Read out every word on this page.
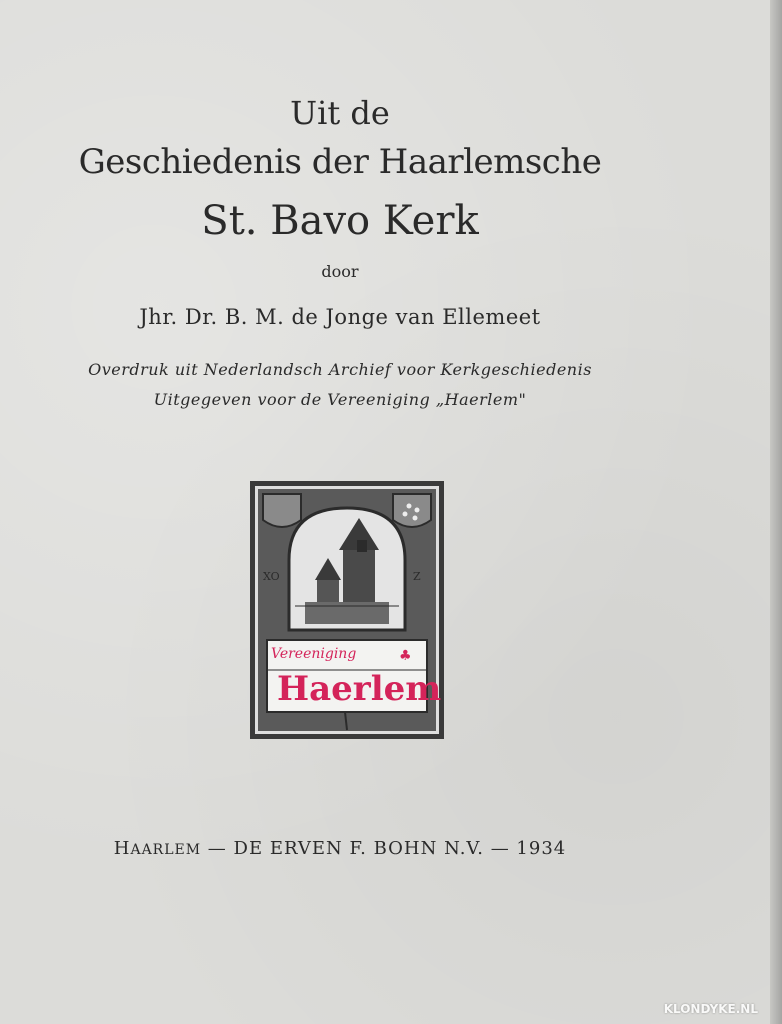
Uit de
Geschiedenis der Haarlemsche
St. Bavo Kerk
door
Jhr. Dr. B. M. de Jonge van Ellemeet
Overdruk uit Nederlandsch Archief voor Kerkgeschiedenis
Uitgegeven voor de Vereeniging „Haerlem"
XO	Z
Vereeniging	♣
Haerlem
HAARLEM — DE ERVEN F. BOHN N.V. — 1934
KLONDYKE.NL
